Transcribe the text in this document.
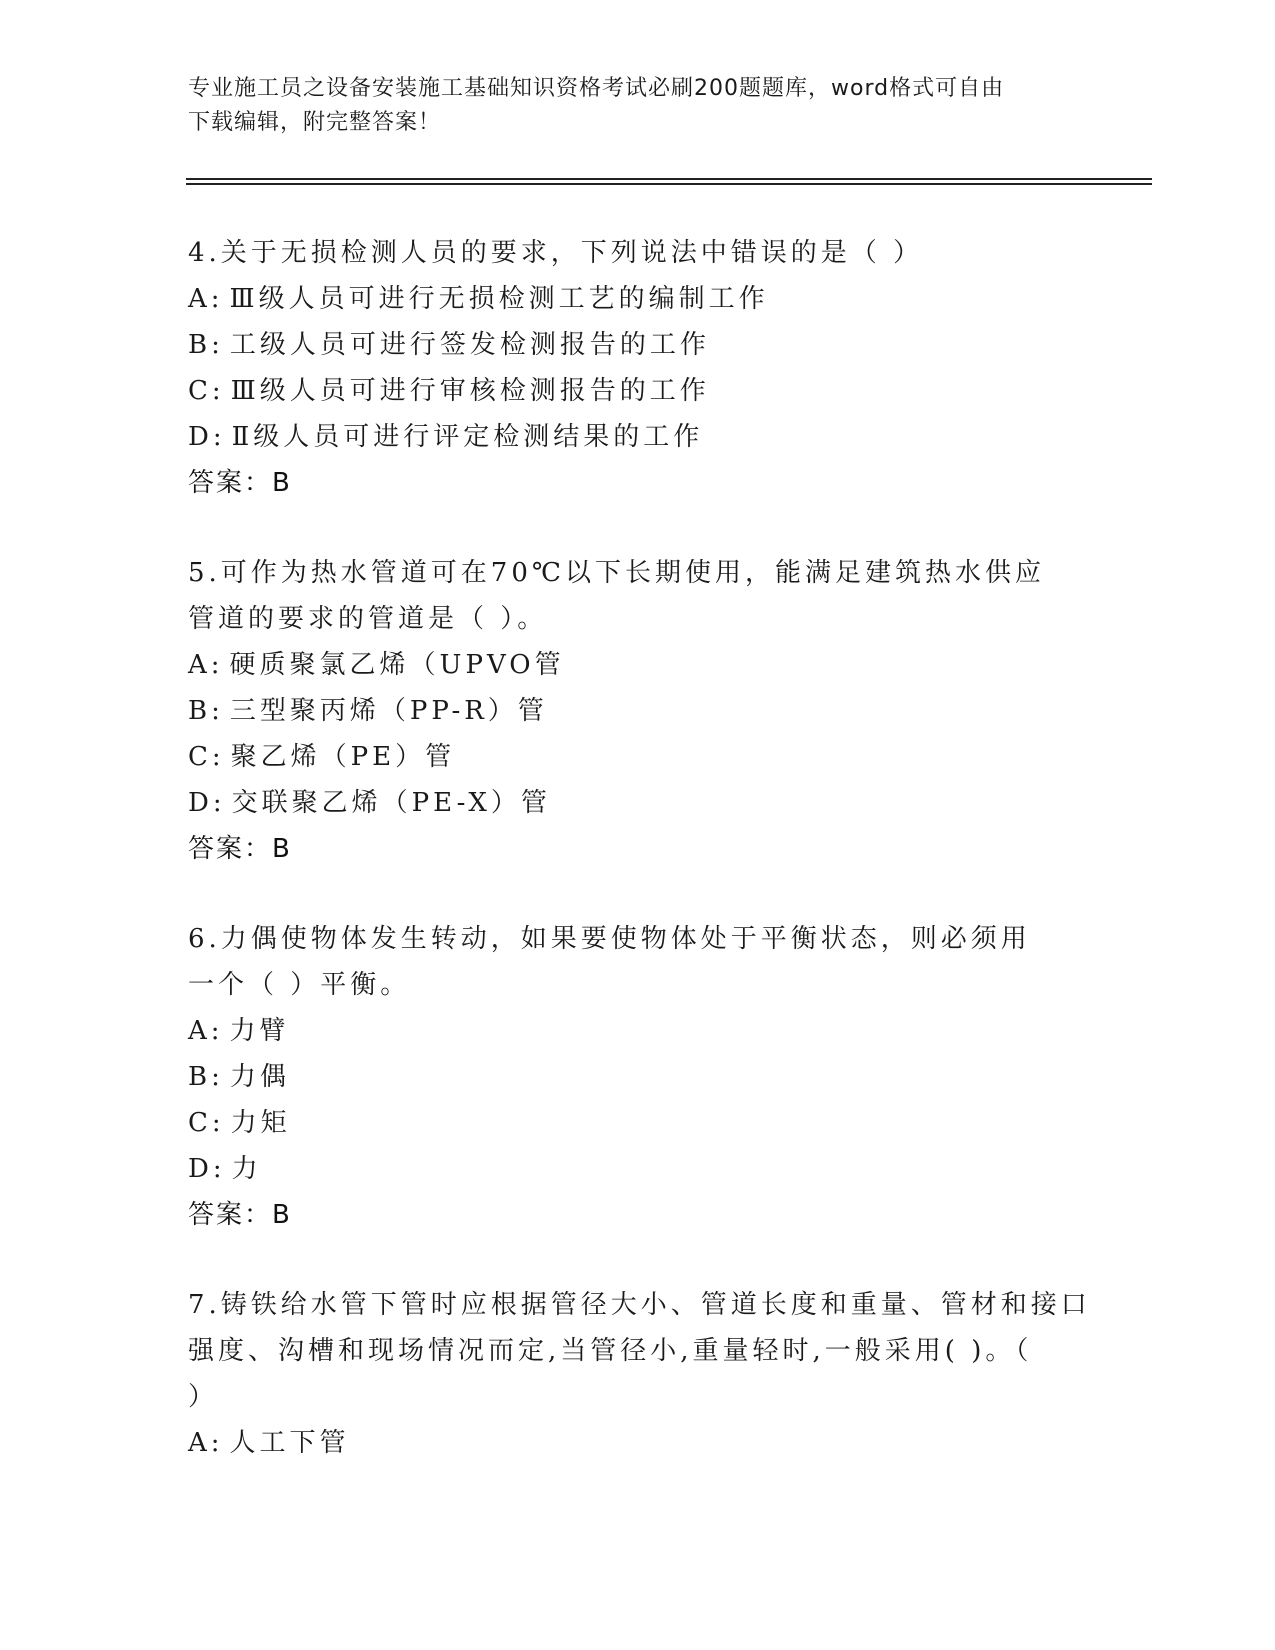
专业施工员之设备安装施工基础知识资格考试必刷200题题库，word格式可自由
下载编辑，附完整答案！
4.关于无损检测人员的要求，下列说法中错误的是（ ）
A: Ⅲ级人员可进行无损检测工艺的编制工作
B: 工级人员可进行签发检测报告的工作
C: Ⅲ级人员可进行审核检测报告的工作
D: Ⅱ级人员可进行评定检测结果的工作
答案：B
5.可作为热水管道可在70℃以下长期使用，能满足建筑热水供应管道的要求的管道是（ ）。
A: 硬质聚氯乙烯（UPVO管
B: 三型聚丙烯（PP-R）管
C: 聚乙烯（PE）管
D: 交联聚乙烯（PE-X）管
答案：B
6.力偶使物体发生转动，如果要使物体处于平衡状态，则必须用一个（ ）平衡。
A: 力臂
B: 力偶
C: 力矩
D: 力
答案：B
7.铸铁给水管下管时应根据管径大小、管道长度和重量、管材和接口
强度、沟槽和现场情况而定,当管径小,重量轻时,一般采用( )。（
）
A: 人工下管
